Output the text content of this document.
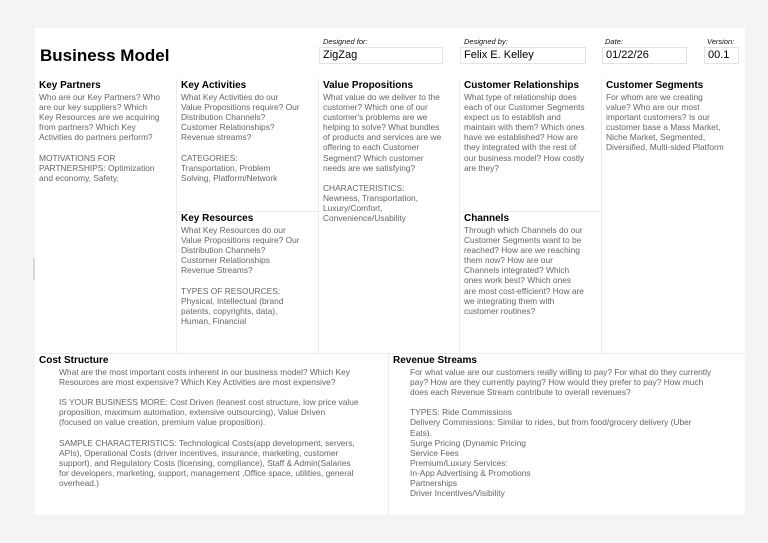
Business Model
Designed for:
ZigZag
Designed by:
Felix E. Kelley
Date:
01/22/26
Version:
00.1
Key Partners
Who are our Key Partners? Who
are our key suppliers? Which
Key Resources are we acquiring
from partners? Which Key
Activities do partners perform?

MOTIVATIONS FOR
PARTNERSHIPS: Optimization
and economy, Safety,
Key Activities
What Key Activities do our
Value Propositions require? Our
Distribution Channels?
Customer Relationships?
Revenue streams?

CATEGORIES:
Transportation, Problem
Solving, Platform/Network
Key Resources
What Key Resources do our
Value Propositions require? Our
Distribution Channels?
Customer Relationships
Revenue Streams?

TYPES OF RESOURCES:
Physical, Intellectual (brand
patents, copyrights, data),
Human, Financial
Value Propositions
What value do we deliver to the
customer? Which one of our
customer's problems are we
helping to solve? What bundles
of products and services are we
offering to each Customer
Segment? Which customer
needs are we satisfying?

CHARACTERISTICS:
Newness, Transportation,
Luxury/Comfort,
Convenience/Usability
Customer Relationships
What type of relationship does
each of our Customer Segments
expect us to establish and
maintain with them? Which ones
have we established? How are
they integrated with the rest of
our business model? How costly
are they?
Channels
Through which Channels do our
Customer Segments want to be
reached? How are we reaching
them now? How are our
Channels integrated? Which
ones work best? Which ones
are most cost-efficient? How are
we integrating them with
customer routines?
Customer Segments
For whom are we creating
value? Who are our most
important customers? Is our
customer base a Mass Market,
Niche Market, Segmented,
Diversified, Multi-sided Platform
Cost Structure
What are the most important costs inherent in our business model? Which Key
Resources are most expensive? Which Key Activities are most expensive?

IS YOUR BUSINESS MORE: Cost Driven (leanest cost structure, low price value
proposition, maximum automation, extensive outsourcing), Value Driven
(focused on value creation, premium value proposition).

SAMPLE CHARACTERISTICS: Technological Costs(app development, servers,
APIs), Operational Costs (driver incentives, insurance, marketing, customer
support), and Regulatory Costs (licensing, compliance), Staff & Admin(Salaries
for developers, marketing, support, management ,Office space, utilities, general
overhead.)
Revenue Streams
For what value are our customers really willing to pay? For what do they currently
pay? How are they currently paying? How would they prefer to pay? How much
does each Revenue Stream contribute to overall revenues?

TYPES: Ride Commissions
Delivery Commissions: Similar to rides, but from food/grocery delivery (Uber
Eats).
Surge Pricing (Dynamic Pricing
Service Fees
Premium/Luxury Services:
In-App Advertising & Promotions
Partnerships
Driver Incentives/Visibility
